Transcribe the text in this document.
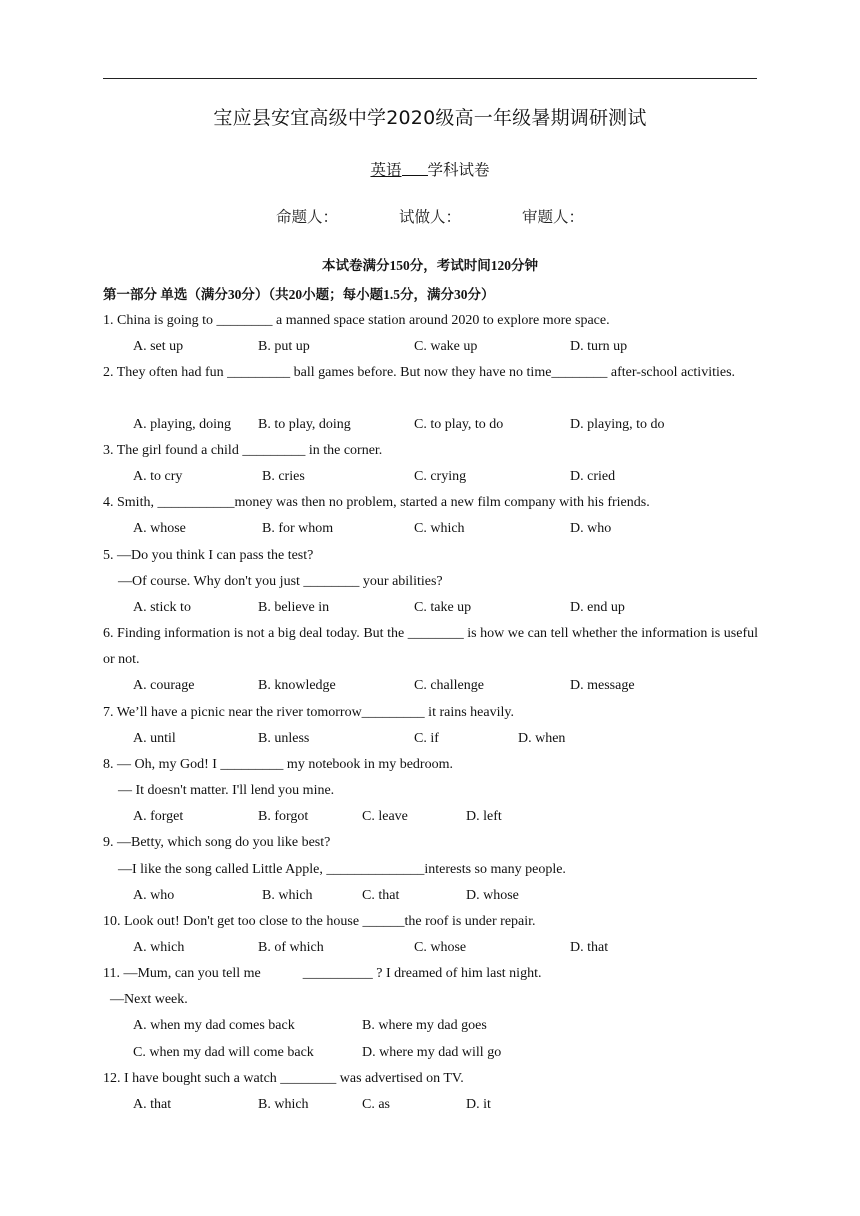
宝应县安宜高级中学2020级高一年级暑期调研测试
英语 学科试卷
命题人：	试做人：	审题人：
本试卷满分150分，考试时间120分钟
第一部分 单选（满分30分）（共20小题；每小题1.5分，满分30分）
1. China is going to ________ a manned space station around 2020 to explore more space.
A. set up	B. put up	C. wake up	D. turn up
2. They often had fun _________ ball games before. But now they have no time________ after-school activities.
A. playing, doing B. to play, doing	C. to play, to do	D. playing, to do
3. The girl found a child _________ in the corner.
A. to cry	B. cries	C. crying	D. cried
4. Smith, ___________money was then no problem, started a new film company with his friends.
A. whose	B. for whom	C. which	D. who
5. —Do you think I can pass the test?
—Of course. Why don't you just ________ your abilities?
A. stick to	B. believe in	C. take up	D. end up
6. Finding information is not a big deal today. But the ________ is how we can tell whether the information is useful or not.
A. courage	B. knowledge	C. challenge	D. message
7. We’ll have a picnic near the river tomorrow_________ it rains heavily.
A. until	B. unless	C. if	D. when
8. — Oh, my God! I _________ my notebook in my bedroom.
— It doesn't matter. I'll lend you mine.
A. forget	B. forgot	C. leave	D. left
9. —Betty, which song do you like best?
—I like the song called Little Apple, ______________interests so many people.
A. who	B. which	C. that	D. whose
10. Look out! Don't get too close to the house ______the roof is under repair.
A. which	B. of which	C. whose	D. that
11. —Mum, can you tell me            __________ ? I dreamed of him last night.
—Next week.
A. when my dad comes back	B. where my dad goes
C. when my dad will come back	D. where my dad will go
12. I have bought such a watch ________ was advertised on TV.
A. that	B. which	C. as	D. it
